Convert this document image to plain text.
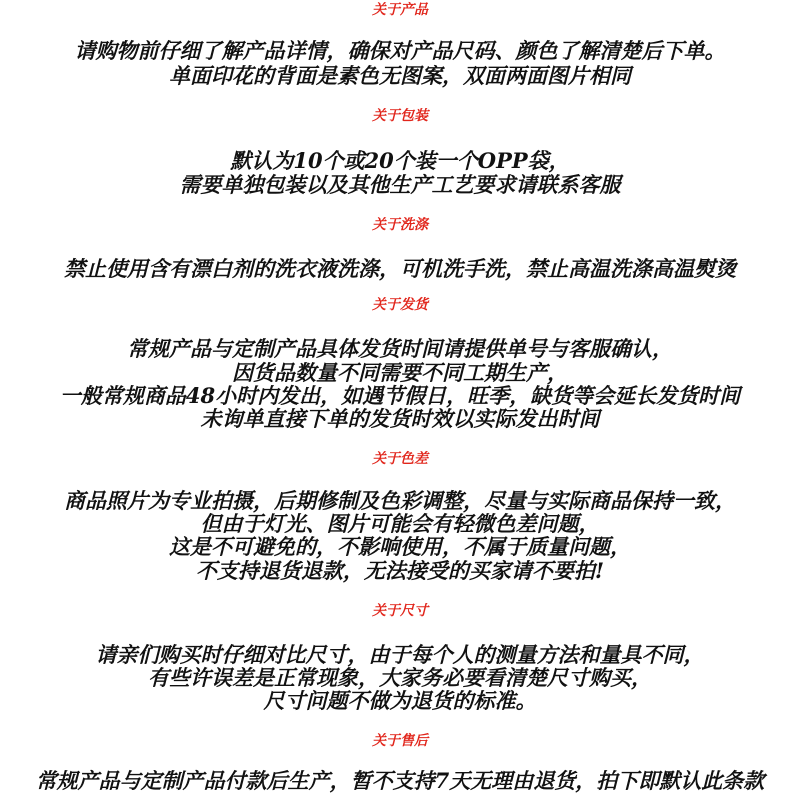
关于产品
请购物前仔细了解产品详情，确保对产品尺码、颜色了解清楚后下单。
单面印花的背面是素色无图案，双面两面图片相同
关于包装
默认为10个或20个装一个OPP袋，
需要单独包装以及其他生产工艺要求请联系客服
关于洗涤
禁止使用含有漂白剂的洗衣液洗涤，可机洗手洗，禁止高温洗涤高温熨烫
关于发货
常规产品与定制产品具体发货时间请提供单号与客服确认，
因货品数量不同需要不同工期生产，
一般常规商品48小时内发出，如遇节假日，旺季，缺货等会延长发货时间
未询单直接下单的发货时效以实际发出时间
关于色差
商品照片为专业拍摄，后期修制及色彩调整，尽量与实际商品保持一致，
但由于灯光、图片可能会有轻微色差问题，
这是不可避免的，不影响使用，不属于质量问题，
不支持退货退款，无法接受的买家请不要拍!
关于尺寸
请亲们购买时仔细对比尺寸，由于每个人的测量方法和量具不同，
有些许误差是正常现象，大家务必要看清楚尺寸购买，
尺寸问题不做为退货的标准。
关于售后
常规产品与定制产品付款后生产，暂不支持7天无理由退货，拍下即默认此条款
